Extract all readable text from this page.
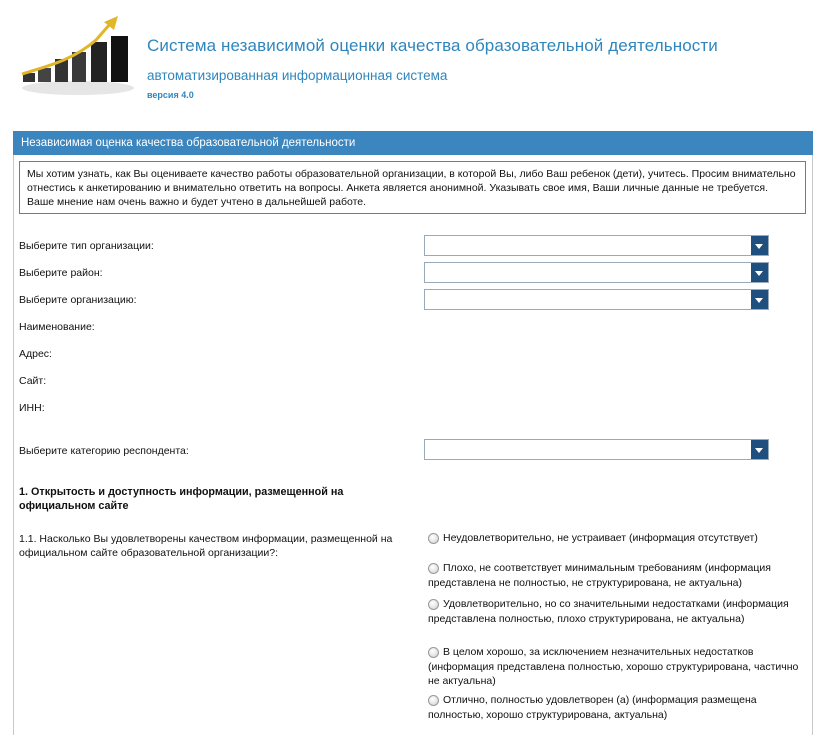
Система независимой оценки качества образовательной деятельности
автоматизированная информационная система
версия 4.0
Независимая оценка качества образовательной деятельности
Мы хотим узнать, как Вы оцениваете качество работы образовательной организации, в которой Вы, либо Ваш ребенок (дети), учитесь. Просим внимательно отнестись к анкетированию и внимательно ответить на вопросы. Анкета является анонимной. Указывать свое имя, Ваши личные данные не требуется. Ваше мнение нам очень важно и будет учтено в дальнейшей работе.
Выберите тип организации:
Выберите район:
Выберите организацию:
Наименование:
Адрес:
Сайт:
ИНН:
Выберите категорию респондента:
1. Открытость и доступность информации, размещенной на официальном сайте
1.1. Насколько Вы удовлетворены качеством информации, размещенной на официальном сайте образовательной организации?:
Неудовлетворительно, не устраивает (информация отсутствует)
Плохо, не соответствует минимальным требованиям (информация представлена не полностью, не структурирована, не актуальна)
Удовлетворительно, но со значительными недостатками (информация представлена полностью, плохо структурирована, не актуальна)
В целом хорошо, за исключением незначительных недостатков (информация представлена полностью, хорошо структурирована, частично не актуальна)
Отлично, полностью удовлетворен (а) (информация размещена полностью, хорошо структурирована, актуальна)
